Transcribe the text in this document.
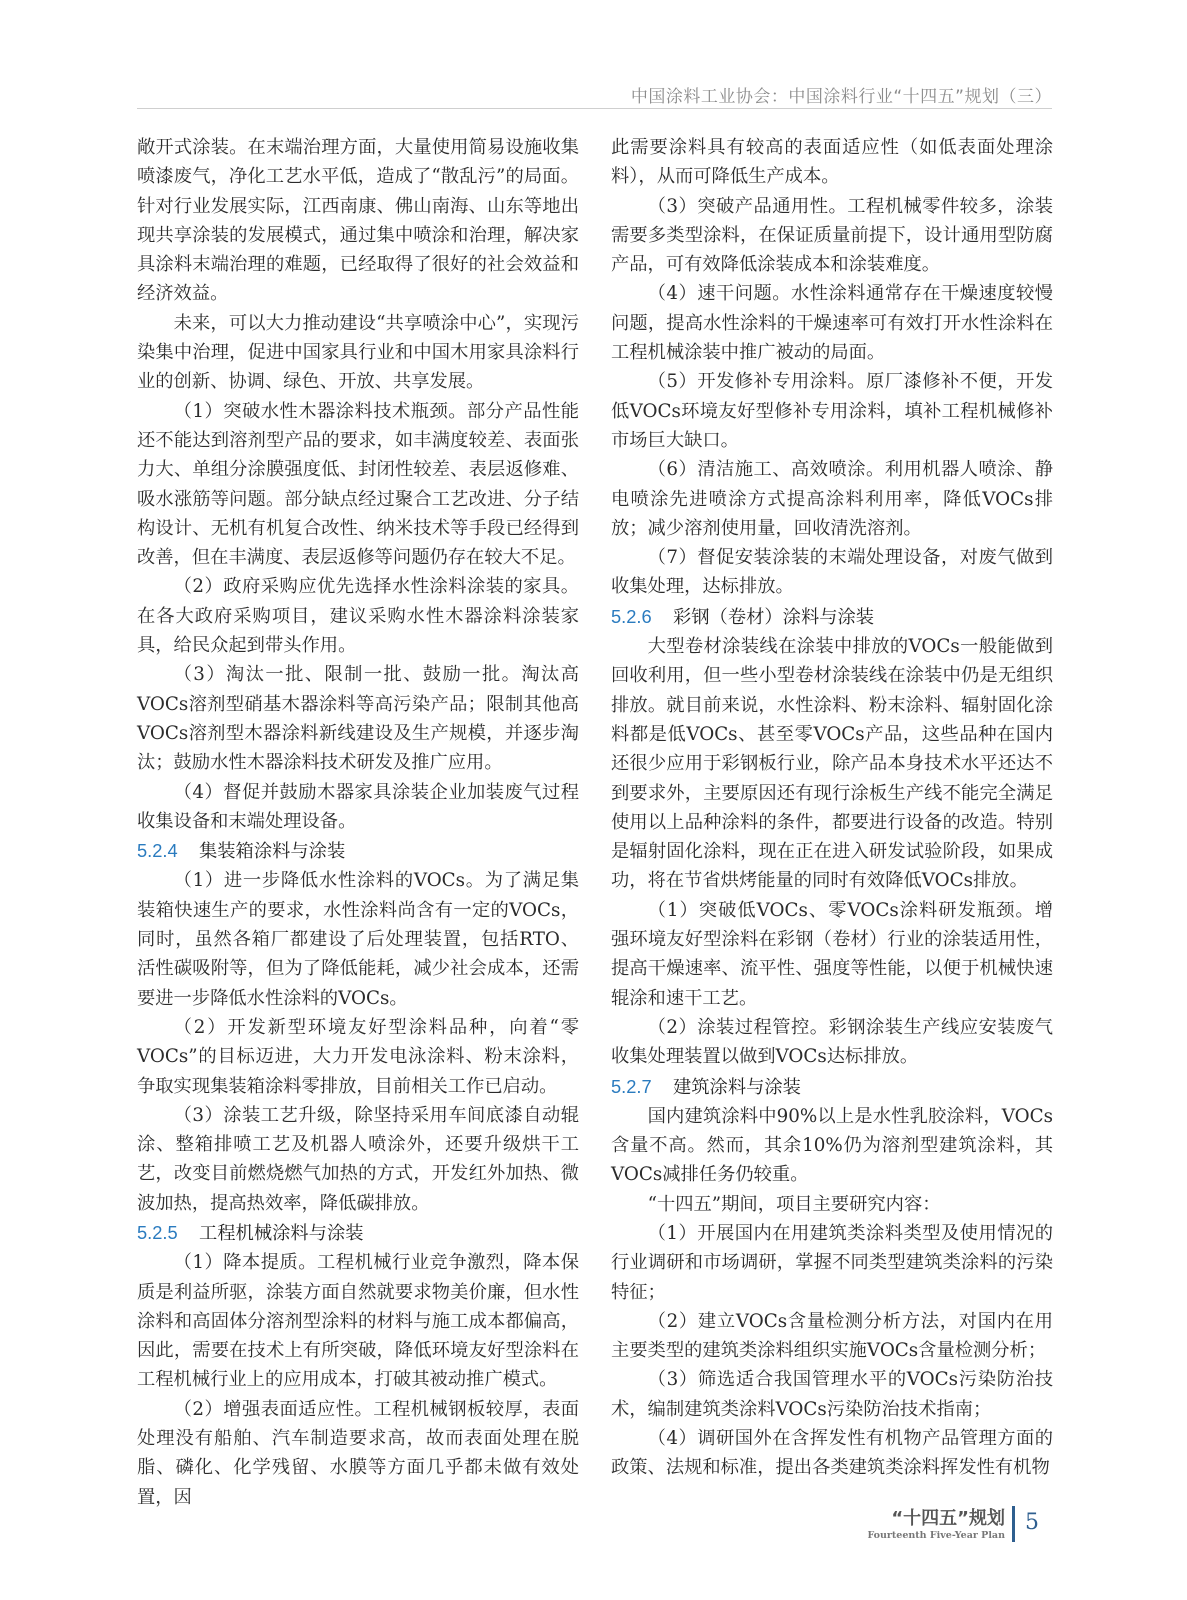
中国涂料工业协会：中国涂料行业“十四五”规划（三）

敞开式涂装。在末端治理方面，大量使用简易设施收集喷漆废气，净化工艺水平低，造成了“散乱污”的局面。针对行业发展实际，江西南康、佛山南海、山东等地出现共享涂装的发展模式，通过集中喷涂和治理，解决家具涂料末端治理的难题，已经取得了很好的社会效益和经济效益。

未来，可以大力推动建设“共享喷涂中心”，实现污染集中治理，促进中国家具行业和中国木用家具涂料行业的创新、协调、绿色、开放、共享发展。

（1）突破水性木器涂料技术瓶颈。部分产品性能还不能达到溶剂型产品的要求，如丰满度较差、表面张力大、单组分涂膜强度低、封闭性较差、表层返修难、吸水涨筋等问题。部分缺点经过聚合工艺改进、分子结构设计、无机有机复合改性、纳米技术等手段已经得到改善，但在丰满度、表层返修等问题仍存在较大不足。

（2）政府采购应优先选择水性涂料涂装的家具。在各大政府采购项目，建议采购水性木器涂料涂装家具，给民众起到带头作用。

（3）淘汰一批、限制一批、鼓励一批。淘汰高VOCs溶剂型硝基木器涂料等高污染产品；限制其他高VOCs溶剂型木器涂料新线建设及生产规模，并逐步淘汰；鼓励水性木器涂料技术研发及推广应用。

（4）督促并鼓励木器家具涂装企业加装废气过程收集设备和末端处理设备。

5.2.4 集装箱涂料与涂装

（1）进一步降低水性涂料的VOCs。为了满足集装箱快速生产的要求，水性涂料尚含有一定的VOCs，同时，虽然各箱厂都建设了后处理装置，包括RTO、活性碳吸附等，但为了降低能耗，减少社会成本，还需要进一步降低水性涂料的VOCs。

（2）开发新型环境友好型涂料品种，向着“零VOCs”的目标迈进，大力开发电泳涂料、粉末涂料，争取实现集装箱涂料零排放，目前相关工作已启动。

（3）涂装工艺升级，除坚持采用车间底漆自动辊涂、整箱排喷工艺及机器人喷涂外，还要升级烘干工艺，改变目前燃烧燃气加热的方式，开发红外加热、微波加热，提高热效率，降低碳排放。

5.2.5 工程机械涂料与涂装

（1）降本提质。工程机械行业竞争激烈，降本保质是利益所驱，涂装方面自然就要求物美价廉，但水性涂料和高固体分溶剂型涂料的材料与施工成本都偏高，因此，需要在技术上有所突破，降低环境友好型涂料在工程机械行业上的应用成本，打破其被动推广模式。

（2）增强表面适应性。工程机械钢板较厚，表面处理没有船舶、汽车制造要求高，故而表面处理在脱脂、磷化、化学残留、水膜等方面几乎都未做有效处置，因

此需要涂料具有较高的表面适应性（如低表面处理涂料），从而可降低生产成本。

（3）突破产品通用性。工程机械零件较多，涂装需要多类型涂料，在保证质量前提下，设计通用型防腐产品，可有效降低涂装成本和涂装难度。

（4）速干问题。水性涂料通常存在干燥速度较慢问题，提高水性涂料的干燥速率可有效打开水性涂料在工程机械涂装中推广被动的局面。

（5）开发修补专用涂料。原厂漆修补不便，开发低VOCs环境友好型修补专用涂料，填补工程机械修补市场巨大缺口。

（6）清洁施工、高效喷涂。利用机器人喷涂、静电喷涂先进喷涂方式提高涂料利用率，降低VOCs排放；减少溶剂使用量，回收清洗溶剂。

（7）督促安装涂装的末端处理设备，对废气做到收集处理，达标排放。

5.2.6 彩钢（卷材）涂料与涂装

大型卷材涂装线在涂装中排放的VOCs一般能做到回收利用，但一些小型卷材涂装线在涂装中仍是无组织排放。就目前来说，水性涂料、粉末涂料、辐射固化涂料都是低VOCs、甚至零VOCs产品，这些品种在国内还很少应用于彩钢板行业，除产品本身技术水平还达不到要求外，主要原因还有现行涂板生产线不能完全满足使用以上品种涂料的条件，都要进行设备的改造。特别是辐射固化涂料，现在正在进入研发试验阶段，如果成功，将在节省烘烤能量的同时有效降低VOCs排放。

（1）突破低VOCs、零VOCs涂料研发瓶颈。增强环境友好型涂料在彩钢（卷材）行业的涂装适用性，提高干燥速率、流平性、强度等性能，以便于机械快速辊涂和速干工艺。

（2）涂装过程管控。彩钢涂装生产线应安装废气收集处理装置以做到VOCs达标排放。

5.2.7 建筑涂料与涂装

国内建筑涂料中90%以上是水性乳胶涂料，VOCs含量不高。然而，其余10%仍为溶剂型建筑涂料，其VOCs减排任务仍较重。

“十四五”期间，项目主要研究内容：

（1）开展国内在用建筑类涂料类型及使用情况的行业调研和市场调研，掌握不同类型建筑类涂料的污染特征；

（2）建立VOCs含量检测分析方法，对国内在用主要类型的建筑类涂料组织实施VOCs含量检测分析；

（3）筛选适合我国管理水平的VOCs污染防治技术，编制建筑类涂料VOCs污染防治技术指南；

（4）调研国外在含挥发性有机物产品管理方面的政策、法规和标准，提出各类建筑类涂料挥发性有机物

“十四五”规划
Fourteenth Five-Year Plan
5
